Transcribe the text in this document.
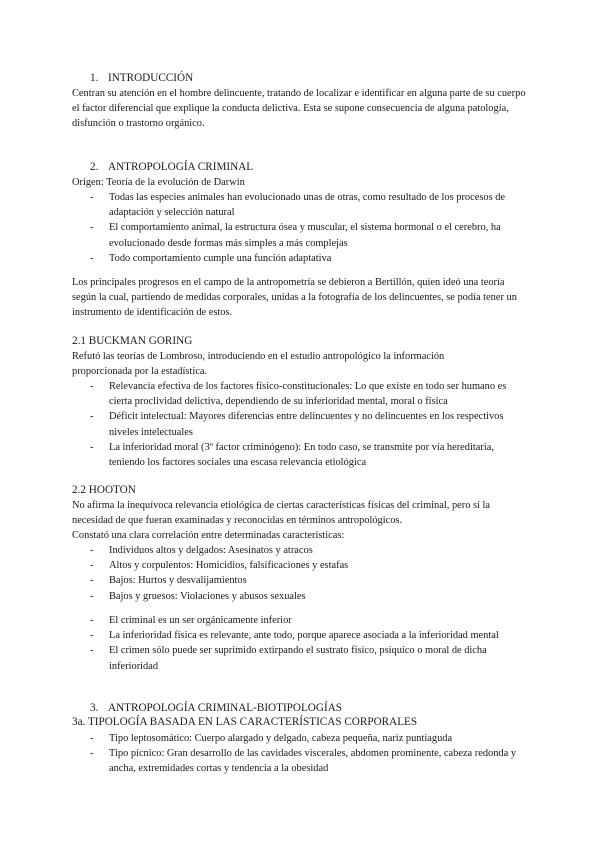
1. INTRODUCCIÓN
Centran su atención en el hombre delincuente, tratando de localizar e identificar en alguna parte de su cuerpo el factor diferencial que explique la conducta delictiva. Esta se supone consecuencia de alguna patología, disfunción o trastorno orgánico.
2. ANTROPOLOGÍA CRIMINAL
Origen: Teoría de la evolución de Darwin
- Todas las especies animales han evolucionado unas de otras, como resultado de los procesos de adaptación y selección natural
- El comportamiento animal, la estructura ósea y muscular, el sistema hormonal o el cerebro, ha evolucionado desde formas más simples a más complejas
- Todo comportamiento cumple una función adaptativa
Los principales progresos en el campo de la antropometría se debieron a Bertillón, quien ideó una teoría según la cual, partiendo de medidas corporales, unidas a la fotografía de los delincuentes, se podía tener un instrumento de identificación de estos.
2.1 BUCKMAN GORING
Refutó las teorías de Lombroso, introduciendo en el estudio antropológico la información proporcionada por la estadística.
- Relevancia efectiva de los factores físico-constitucionales: Lo que existe en todo ser humano es cierta proclividad delictiva, dependiendo de su inferioridad mental, moral o física
- Déficit intelectual: Mayores diferencias entre delincuentes y no delincuentes en los respectivos niveles intelectuales
- La inferioridad moral (3º factor criminógeno): En todo caso, se transmite por vía hereditaria, teniendo los factores sociales una escasa relevancia etiológica
2.2 HOOTON
No afirma la inequívoca relevancia etiológica de ciertas características físicas del criminal, pero sí la necesidad de que fueran examinadas y reconocidas en términos antropológicos.
Constató una clara correlación entre determinadas características:
- Individuos altos y delgados: Asesinatos y atracos
- Altos y corpulentos: Homicidios, falsificaciones y estafas
- Bajos: Hurtos y desvalijamientos
- Bajos y gruesos: Violaciones y abusos sexuales
- El criminal es un ser orgánicamente inferior
- La inferioridad física es relevante, ante todo, porque aparece asociada a la inferioridad mental
- El crimen sólo puede ser suprimido extirpando el sustrato físico, psíquico o moral de dicha inferioridad
3. ANTROPOLOGÍA CRIMINAL-BIOTIPOLOGÍAS
3a. TIPOLOGÍA BASADA EN LAS CARACTERÍSTICAS CORPORALES
- Tipo leptosomático: Cuerpo alargado y delgado, cabeza pequeña, nariz puntiaguda
- Tipo pícnico: Gran desarrollo de las cavidades viscerales, abdomen prominente, cabeza redonda y ancha, extremidades cortas y tendencia a la obesidad
